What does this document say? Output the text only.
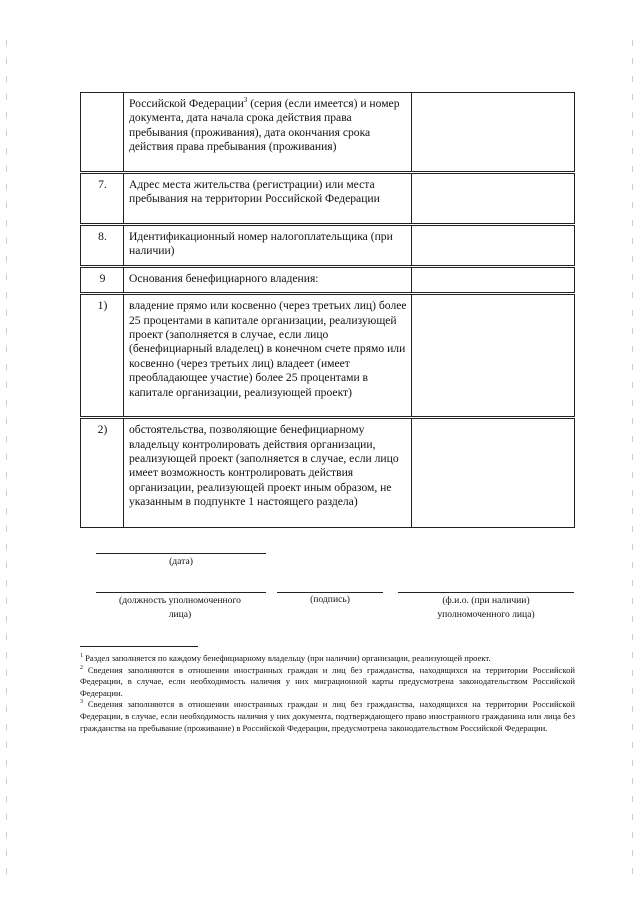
	Российской Федерации$^3$ (серия (если имеется) и номер документа, дата начала срока действия права пребывания (проживания), дата окончания срока действия права пребывания (проживания)	
7.	Адрес места жительства (регистрации) или места пребывания на территории Российской Федерации	
8.	Идентификационный номер налогоплательщика (при наличии)	
9	Основания бенефициарного владения:	
1)	владение прямо или косвенно (через третьих лиц) более 25 процентами в капитале организации, реализующей проект (заполняется в случае, если лицо (бенефициарный владелец) в конечном счете прямо или косвенно (через третьих лиц) владеет (имеет преобладающее участие) более 25 процентами в капитале организации, реализующей проект)	
2)	обстоятельства, позволяющие бенефициарному владельцу контролировать действия организации, реализующей проект (заполняется в случае, если лицо имеет возможность контролировать действия организации, реализующей проект иным образом, не указанным в подпункте 1 настоящего раздела)	
(дата)
(должность уполномоченного лица)
(подпись)	(ф.и.о. (при наличии) уполномоченного лица)

$^1$ Раздел заполняется по каждому бенефициарному владельцу (при наличии) организации, реализующей проект.

$^2$ Сведения заполняются в отношении иностранных граждан и лиц без гражданства, находящихся на территории Российской Федерации, в случае, если необходимость наличия у них миграционной карты предусмотрена законодательством Российской Федерации.

$^3$ Сведения заполняются в отношении иностранных граждан и лиц без гражданства, находящихся на территории Российской Федерации, в случае, если необходимость наличия у них документа, подтверждающего право иностранного гражданина или лица без гражданства на пребывание (проживание) в Российской Федерации, предусмотрена законодательством Российской Федерации.
